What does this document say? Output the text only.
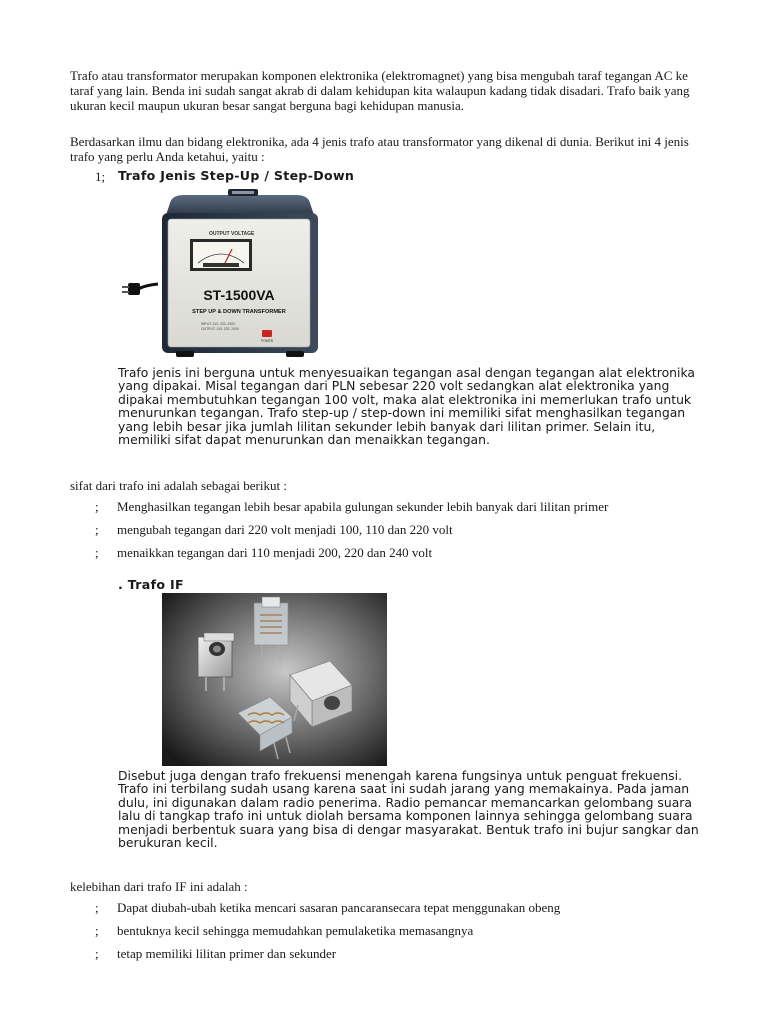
Trafo atau transformator merupakan komponen elektronika (elektromagnet) yang bisa mengubah taraf tegangan AC ke taraf yang lain. Benda ini sudah sangat akrab di dalam kehidupan kita walaupun kadang tidak disadari. Trafo baik yang ukuran kecil maupun ukuran besar sangat berguna bagi kehidupan manusia.

Berdasarkan ilmu dan bidang elektronika, ada 4 jenis trafo atau transformator yang dikenal di dunia. Berikut ini 4 jenis trafo yang perlu Anda ketahui, yaitu :

1; Trafo Jenis Step-Up / Step-Down
OUTPUT VOLTAGE
ST-1500VA
STEP UP & DOWN TRANSFORMER
INPUT: 110, 220, 240V
OUTPUT: 110, 220, 240V
POWER

Trafo jenis ini berguna untuk menyesuaikan tegangan asal dengan tegangan alat elektronika yang dipakai. Misal tegangan dari PLN sebesar 220 volt sedangkan alat elektronika yang dipakai membutuhkan tegangan 100 volt, maka alat elektronika ini memerlukan trafo untuk menurunkan tegangan. Trafo step-up / step-down ini memiliki sifat menghasilkan tegangan yang lebih besar jika jumlah lilitan sekunder lebih banyak dari lilitan primer. Selain itu, memiliki sifat dapat menurunkan dan menaikkan tegangan.

sifat dari trafo ini adalah sebagai berikut :

; Menghasilkan tegangan lebih besar apabila gulungan sekunder lebih banyak dari lilitan primer
; mengubah tegangan dari 220 volt menjadi 100, 110 dan 220 volt
; menaikkan tegangan dari 110 menjadi 200, 220 dan 240 volt
. Trafo IF

Disebut juga dengan trafo frekuensi menengah karena fungsinya untuk penguat frekuensi. Trafo ini terbilang sudah usang karena saat ini sudah jarang yang memakainya. Pada jaman dulu, ini digunakan dalam radio penerima. Radio pemancar memancarkan gelombang suara lalu di tangkap trafo ini untuk diolah bersama komponen lainnya sehingga gelombang suara menjadi berbentuk suara yang bisa di dengar masyarakat. Bentuk trafo ini bujur sangkar dan berukuran kecil.

kelebihan dari trafo IF ini adalah :

; Dapat diubah-ubah ketika mencari sasaran pancaransecara tepat menggunakan obeng
; bentuknya kecil sehingga memudahkan pemulaketika memasangnya
; tetap memiliki lilitan primer dan sekunder
